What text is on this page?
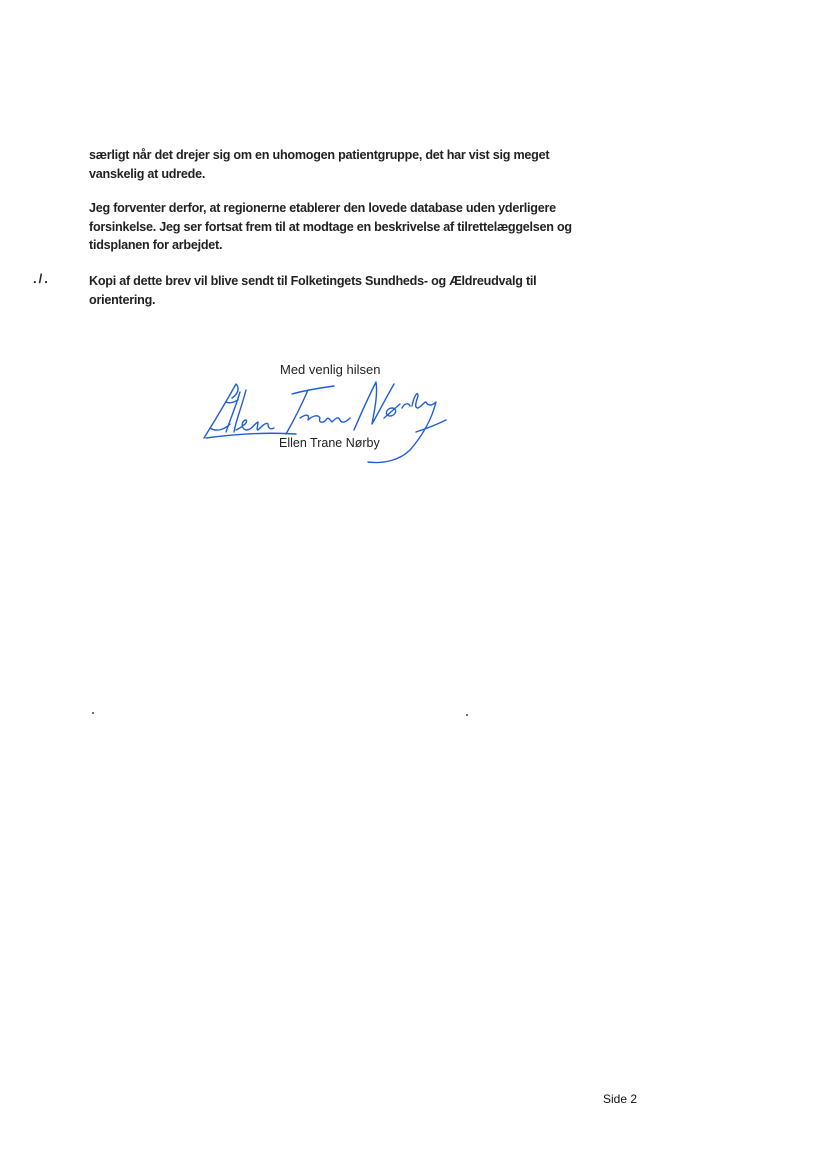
særligt når det drejer sig om en uhomogen patientgruppe, det har vist sig meget
vanskelig at udrede.
Jeg forventer derfor, at regionerne etablerer den lovede database uden yderligere
forsinkelse. Jeg ser fortsat frem til at modtage en beskrivelse af tilrettelæggelsen og
tidsplanen for arbejdet.
./.	Kopi af dette brev vil blive sendt til Folketingets Sundheds- og Ældreudvalg til
orientering.
Med venlig hilsen
Ellen Trane Nørby
Side 2
